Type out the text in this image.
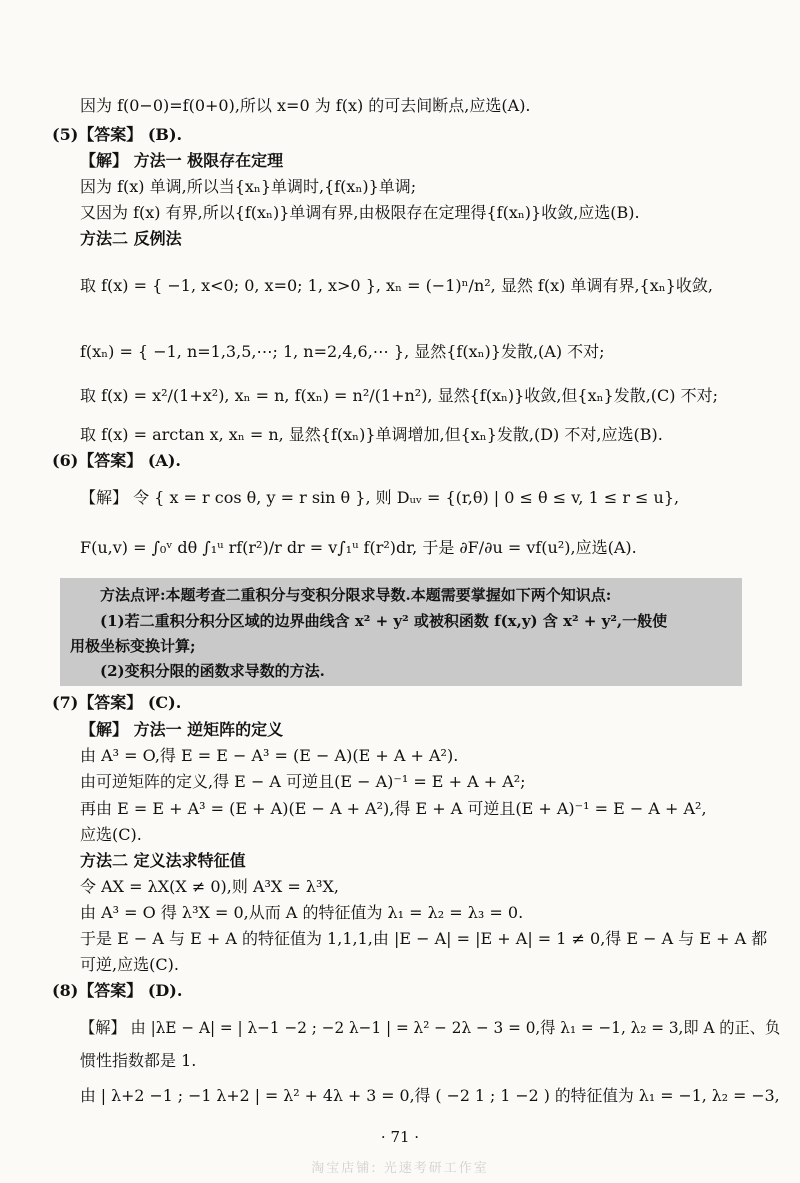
因为 f(0−0)=f(0+0),所以 x=0 为 f(x) 的可去间断点,应选(A).
(5)【答案】 (B).
【解】 方法一 极限存在定理
因为 f(x) 单调,所以当{xₙ}单调时,{f(xₙ)}单调;
又因为 f(x) 有界,所以{f(xₙ)}单调有界,由极限存在定理得{f(xₙ)}收敛,应选(B).
方法二 反例法
取 f(x) = { −1, x<0; 0, x=0; 1, x>0 }, xₙ = (−1)ⁿ/n², 显然 f(x) 单调有界,{xₙ}收敛,
f(xₙ) = { −1, n=1,3,5,⋯; 1, n=2,4,6,⋯ }, 显然{f(xₙ)}发散,(A) 不对;
取 f(x) = x²/(1+x²), xₙ = n, f(xₙ) = n²/(1+n²), 显然{f(xₙ)}收敛,但{xₙ}发散,(C) 不对;
取 f(x) = arctan x, xₙ = n, 显然{f(xₙ)}单调增加,但{xₙ}发散,(D) 不对,应选(B).
(6)【答案】 (A).
【解】 令 { x = r cos θ, y = r sin θ }, 则 Dᵤᵥ = {(r,θ) | 0 ≤ θ ≤ v, 1 ≤ r ≤ u},
F(u,v) = ∫₀ᵛ dθ ∫₁ᵘ rf(r²)/r dr = v∫₁ᵘ f(r²)dr, 于是 ∂F/∂u = vf(u²),应选(A).
方法点评:本题考查二重积分与变积分限求导数.本题需要掌握如下两个知识点:
(1)若二重积分积分区域的边界曲线含 x² + y² 或被积函数 f(x,y) 含 x² + y²,一般使
用极坐标变换计算;
(2)变积分限的函数求导数的方法.
(7)【答案】 (C).
【解】 方法一 逆矩阵的定义
由 A³ = O,得 E = E − A³ = (E − A)(E + A + A²).
由可逆矩阵的定义,得 E − A 可逆且(E − A)⁻¹ = E + A + A²;
再由 E = E + A³ = (E + A)(E − A + A²),得 E + A 可逆且(E + A)⁻¹ = E − A + A²,
应选(C).
方法二 定义法求特征值
令 AX = λX(X ≠ 0),则 A³X = λ³X,
由 A³ = O 得 λ³X = 0,从而 A 的特征值为 λ₁ = λ₂ = λ₃ = 0.
于是 E − A 与 E + A 的特征值为 1,1,1,由 |E − A| = |E + A| = 1 ≠ 0,得 E − A 与 E + A 都
可逆,应选(C).
(8)【答案】 (D).
【解】 由 |λE − A| = | λ−1 −2 ; −2 λ−1 | = λ² − 2λ − 3 = 0,得 λ₁ = −1, λ₂ = 3,即 A 的正、负
惯性指数都是 1.
由 | λ+2 −1 ; −1 λ+2 | = λ² + 4λ + 3 = 0,得 ( −2 1 ; 1 −2 ) 的特征值为 λ₁ = −1, λ₂ = −3,
· 71 ·
淘宝店铺: 光速考研工作室
